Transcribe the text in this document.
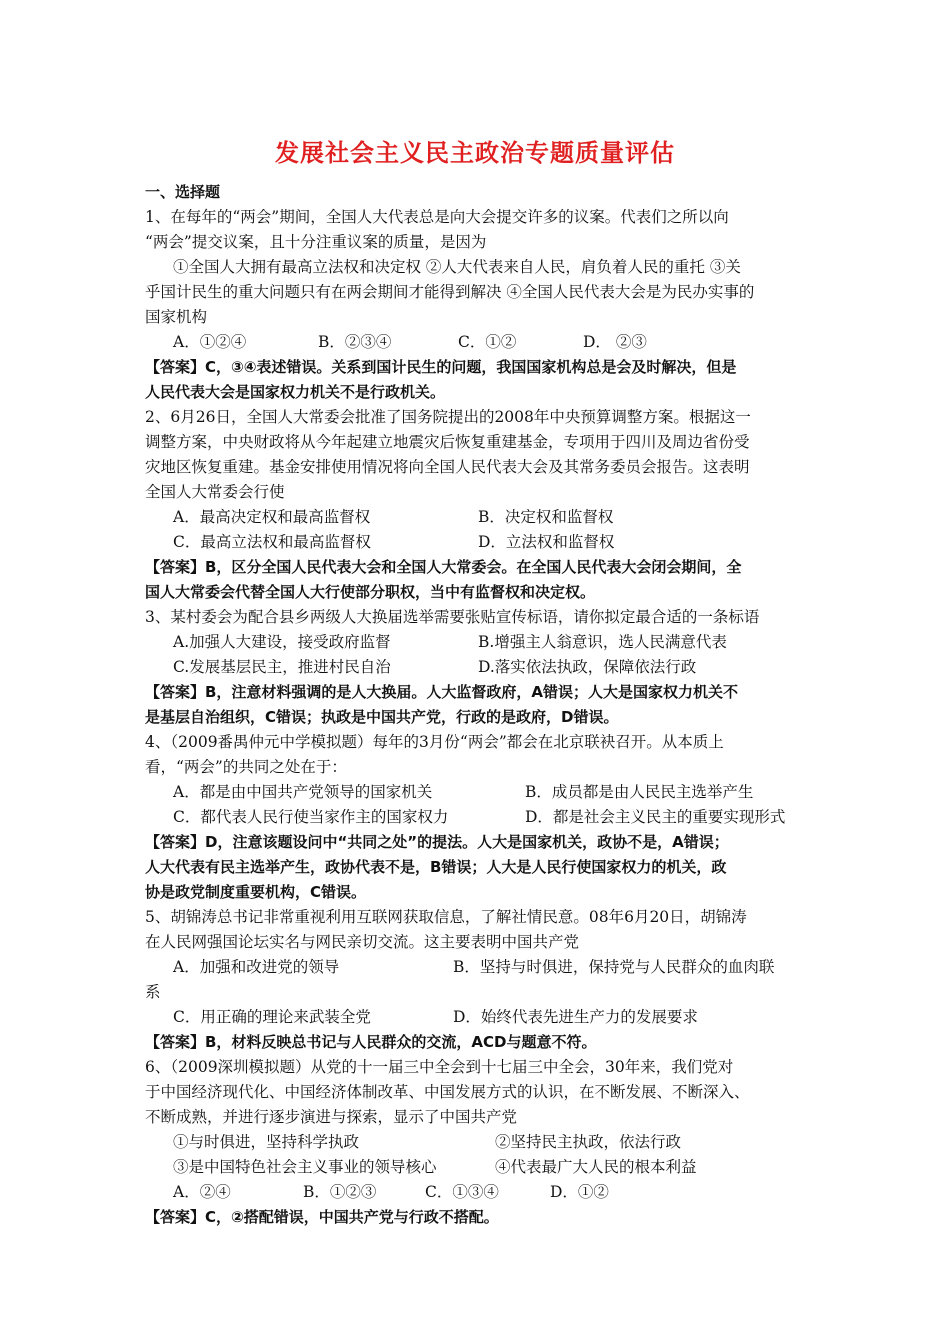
发展社会主义民主政治专题质量评估
一、选择题
1、在每年的“两会”期间，全国人大代表总是向大会提交许多的议案。代表们之所以向
“两会”提交议案，且十分注重议案的质量，是因为
①全国人大拥有最高立法权和决定权 ②人大代表来自人民，肩负着人民的重托 ③关
乎国计民生的重大问题只有在两会期间才能得到解决 ④全国人民代表大会是为民办实事的
国家机构
A．①②④	B．②③④	C．①②	D． ②③
【答案】C，③④表述错误。关系到国计民生的问题，我国国家机构总是会及时解决，但是
人民代表大会是国家权力机关不是行政机关。
2、6月26日，全国人大常委会批准了国务院提出的2008年中央预算调整方案。根据这一
调整方案，中央财政将从今年起建立地震灾后恢复重建基金，专项用于四川及周边省份受
灾地区恢复重建。基金安排使用情况将向全国人民代表大会及其常务委员会报告。这表明
全国人大常委会行使
A．最高决定权和最高监督权	B．决定权和监督权
C．最高立法权和最高监督权	D．立法权和监督权
【答案】B，区分全国人民代表大会和全国人大常委会。在全国人民代表大会闭会期间，全
国人大常委会代替全国人大行使部分职权，当中有监督权和决定权。
3、某村委会为配合县乡两级人大换届选举需要张贴宣传标语，请你拟定最合适的一条标语
A.加强人大建设，接受政府监督	B.增强主人翁意识，选人民满意代表
C.发展基层民主，推进村民自治	D.落实依法执政，保障依法行政
【答案】B，注意材料强调的是人大换届。人大监督政府，A错误；人大是国家权力机关不
是基层自治组织，C错误；执政是中国共产党，行政的是政府，D错误。
4、（2009番禺仲元中学模拟题）每年的3月份“两会”都会在北京联袂召开。从本质上
看，“两会”的共同之处在于：
A．都是由中国共产党领导的国家机关	B．成员都是由人民民主选举产生
C．都代表人民行使当家作主的国家权力	D．都是社会主义民主的重要实现形式
【答案】D，注意该题设问中“共同之处”的提法。人大是国家机关，政协不是，A错误；
人大代表有民主选举产生，政协代表不是，B错误；人大是人民行使国家权力的机关，政
协是政党制度重要机构，C错误。
5、胡锦涛总书记非常重视利用互联网获取信息，了解社情民意。08年6月20日，胡锦涛
在人民网强国论坛实名与网民亲切交流。这主要表明中国共产党
A．加强和改进党的领导	B．坚持与时俱进，保持党与人民群众的血肉联
系
C．用正确的理论来武装全党	D．始终代表先进生产力的发展要求
【答案】B，材料反映总书记与人民群众的交流，ACD与题意不符。
6、（2009深圳模拟题）从党的十一届三中全会到十七届三中全会，30年来，我们党对
于中国经济现代化、中国经济体制改革、中国发展方式的认识，在不断发展、不断深入、
不断成熟，并进行逐步演进与探索，显示了中国共产党
①与时俱进，坚持科学执政	②坚持民主执政，依法行政
③是中国特色社会主义事业的领导核心	④代表最广大人民的根本利益
A．②④	B．①②③	C．①③④	D．①②
【答案】C，②搭配错误，中国共产党与行政不搭配。
